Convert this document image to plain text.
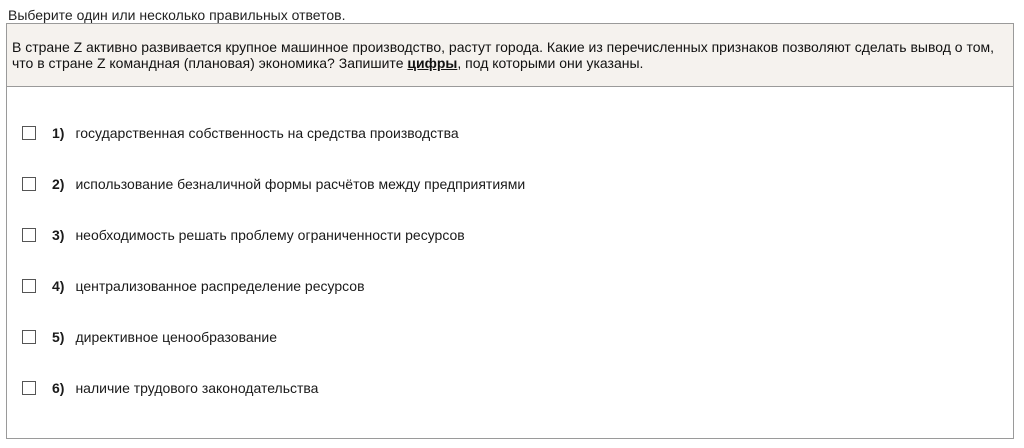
Выберите один или несколько правильных ответов.
В стране Z активно развивается крупное машинное производство, растут города. Какие из перечисленных признаков позволяют сделать вывод о том, что в стране Z командная (плановая) экономика? Запишите цифры, под которыми они указаны.
1) государственная собственность на средства производства
2) использование безналичной формы расчётов между предприятиями
3) необходимость решать проблему ограниченности ресурсов
4) централизованное распределение ресурсов
5) директивное ценообразование
6) наличие трудового законодательства
